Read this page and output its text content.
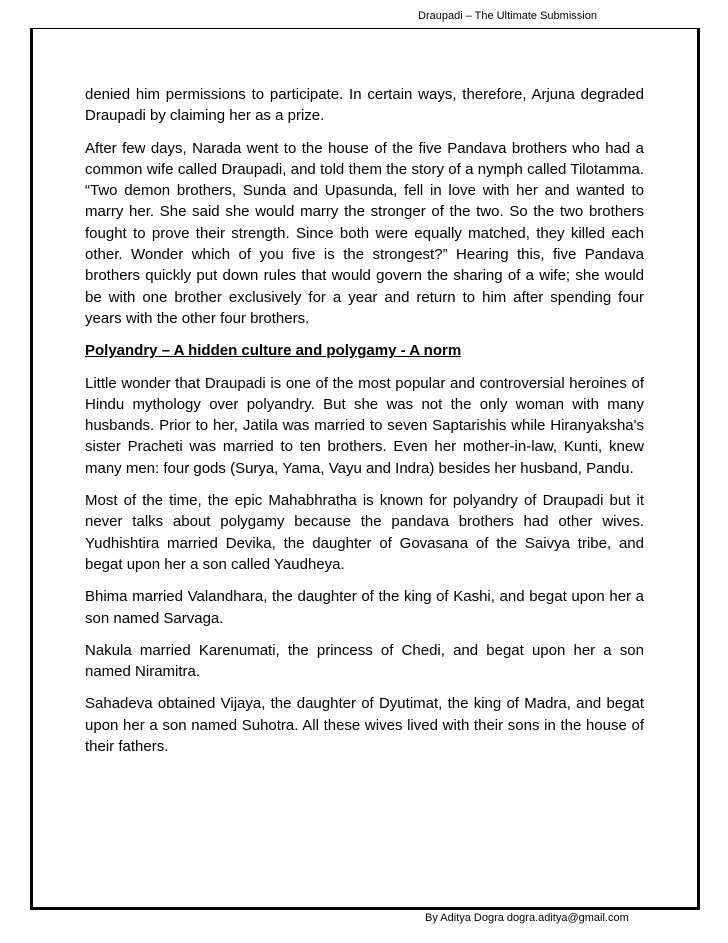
Draupadi – The Ultimate Submission

denied him permissions to participate. In certain ways, therefore, Arjuna degraded Draupadi by claiming her as a prize.

After few days, Narada went to the house of the five Pandava brothers who had a common wife called Draupadi, and told them the story of a nymph called Tilotamma. “Two demon brothers, Sunda and Upasunda, fell in love with her and wanted to marry her. She said she would marry the stronger of the two. So the two brothers fought to prove their strength. Since both were equally matched, they killed each other. Wonder which of you five is the strongest?” Hearing this, five Pandava brothers quickly put down rules that would govern the sharing of a wife; she would be with one brother exclusively for a year and return to him after spending four years with the other four brothers.

Polyandry – A hidden culture and polygamy - A norm

Little wonder that Draupadi is one of the most popular and controversial heroines of Hindu mythology over polyandry. But she was not the only woman with many husbands. Prior to her, Jatila was married to seven Saptarishis while Hiranyaksha's sister Pracheti was married to ten brothers. Even her mother-in-law, Kunti, knew many men: four gods (Surya, Yama, Vayu and Indra) besides her husband, Pandu.

Most of the time, the epic Mahabhratha is known for polyandry of Draupadi but it never talks about polygamy because the pandava brothers had other wives. Yudhishtira married Devika, the daughter of Govasana of the Saivya tribe, and begat upon her a son called Yaudheya.

Bhima married Valandhara, the daughter of the king of Kashi, and begat upon her a son named Sarvaga.

Nakula married Karenumati, the princess of Chedi, and begat upon her a son named Niramitra.

Sahadeva obtained Vijaya, the daughter of Dyutimat, the king of Madra, and begat upon her a son named Suhotra. All these wives lived with their sons in the house of their fathers.

By Aditya Dogra dogra.aditya@gmail.com
